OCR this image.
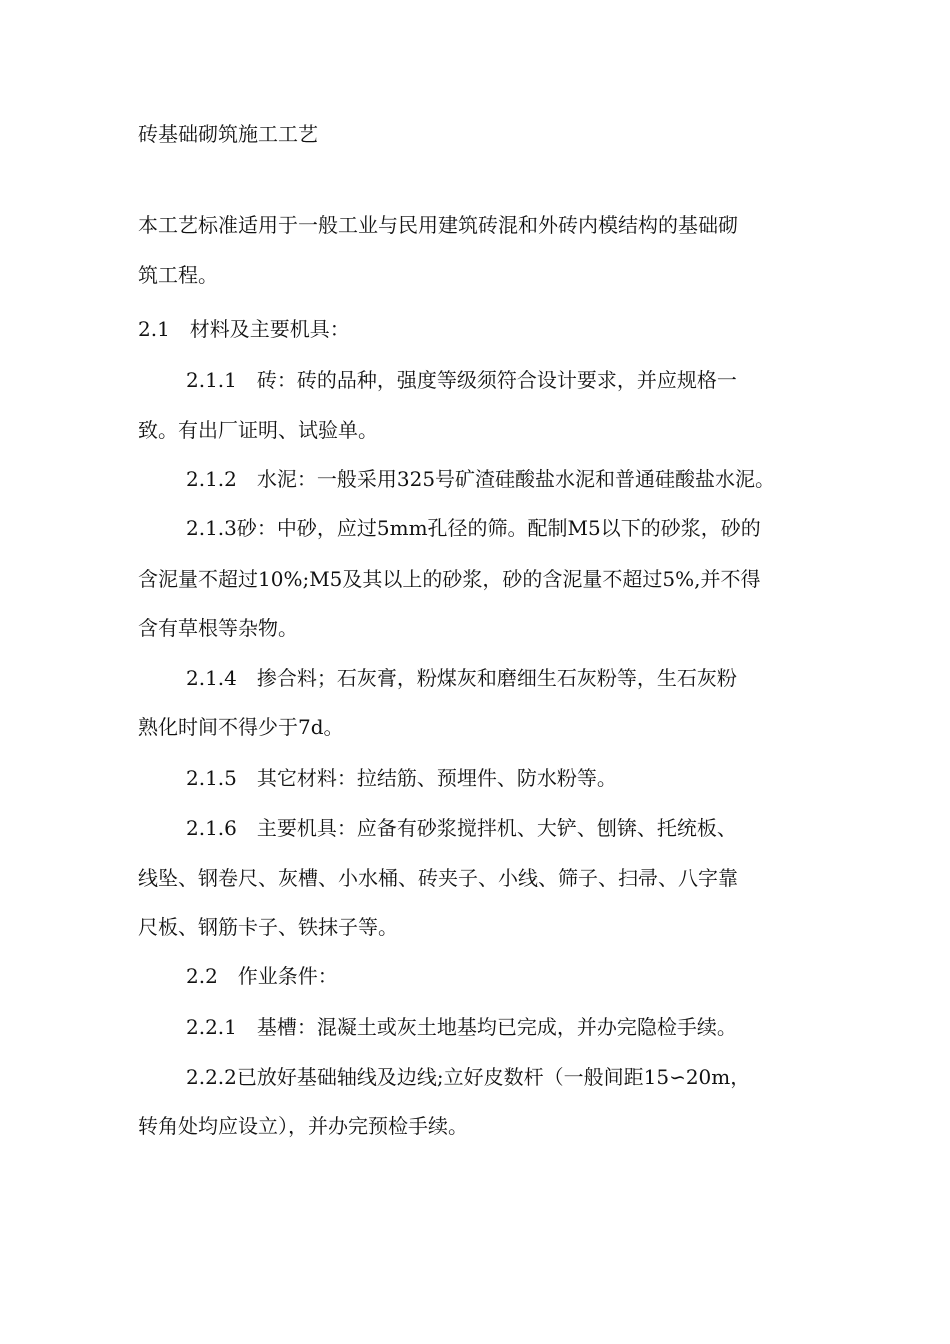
砖基础砌筑施工工艺
本工艺标准适用于一般工业与民用建筑砖混和外砖内模结构的基础砌
筑工程。
2.1　材料及主要机具：
2.1.1　砖：砖的品种，强度等级须符合设计要求，并应规格一
致。有出厂证明、试验单。
2.1.2　水泥：一般采用325号矿渣硅酸盐水泥和普通硅酸盐水泥。
2.1.3砂：中砂，应过5mm孔径的筛。配制M5以下的砂浆，砂的
含泥量不超过10%;M5及其以上的砂浆，砂的含泥量不超过5%,并不得
含有草根等杂物。
2.1.4　掺合料；石灰膏，粉煤灰和磨细生石灰粉等，生石灰粉
熟化时间不得少于7d。
2.1.5　其它材料：拉结筋、预埋件、防水粉等。
2.1.6　主要机具：应备有砂浆搅拌机、大铲、刨锛、托统板、
线坠、钢卷尺、灰槽、小水桶、砖夹子、小线、筛子、扫帚、八字靠
尺板、钢筋卡子、铁抹子等。
2.2　作业条件：
2.2.1　基槽：混凝土或灰土地基均已完成，并办完隐检手续。
2.2.2已放好基础轴线及边线;立好皮数杆（一般间距15∽20m，
转角处均应设立），并办完预检手续。
